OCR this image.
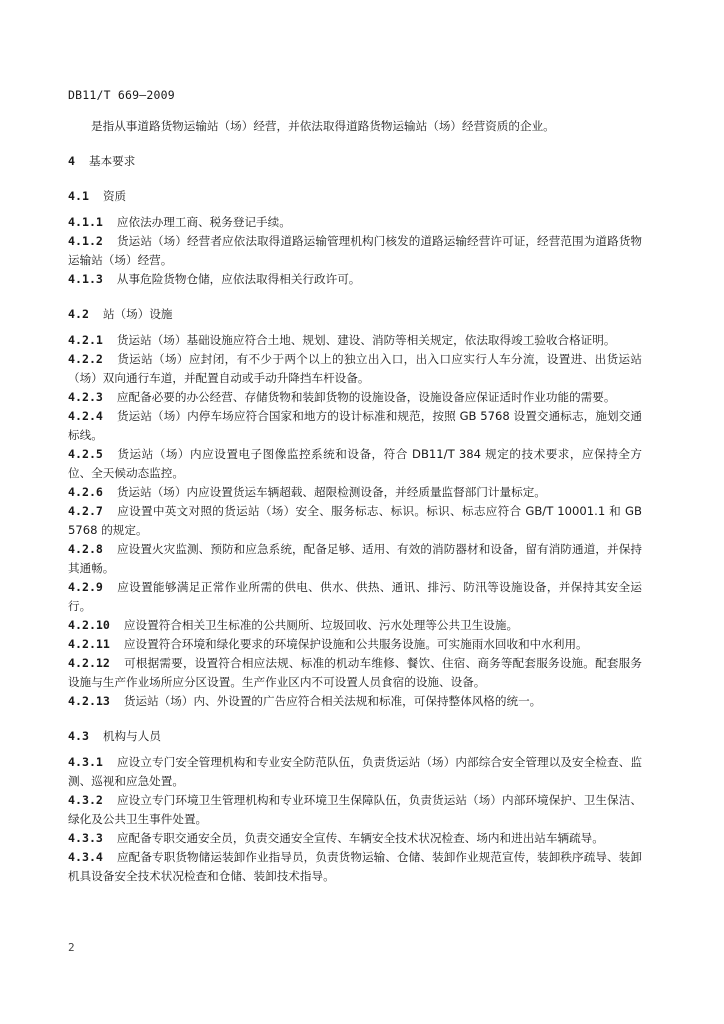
DB11/T 669—2009

是指从事道路货物运输站（场）经营，并依法取得道路货物运输站（场）经营资质的企业。

4 基本要求
4.1 资质

4.1.1 应依法办理工商、税务登记手续。

4.1.2 货运站（场）经营者应依法取得道路运输管理机构门核发的道路运输经营许可证，经营范围为道路货物运输站（场）经营。

4.1.3 从事危险货物仓储，应依法取得相关行政许可。

4.2 站（场）设施

4.2.1 货运站（场）基础设施应符合土地、规划、建设、消防等相关规定，依法取得竣工验收合格证明。

4.2.2 货运站（场）应封闭，有不少于两个以上的独立出入口，出入口应实行人车分流，设置进、出货运站（场）双向通行车道，并配置自动或手动升降挡车杆设备。

4.2.3 应配备必要的办公经营、存储货物和装卸货物的设施设备，设施设备应保证适时作业功能的需要。

4.2.4 货运站（场）内停车场应符合国家和地方的设计标准和规范，按照 GB 5768 设置交通标志，施划交通标线。

4.2.5 货运站（场）内应设置电子图像监控系统和设备，符合 DB11/T 384 规定的技术要求，应保持全方位、全天候动态监控。

4.2.6 货运站（场）内应设置货运车辆超载、超限检测设备，并经质量监督部门计量标定。

4.2.7 应设置中英文对照的货运站（场）安全、服务标志、标识。标识、标志应符合 GB/T 10001.1 和 GB 5768 的规定。

4.2.8 应设置火灾监测、预防和应急系统，配备足够、适用、有效的消防器材和设备，留有消防通道，并保持其通畅。

4.2.9 应设置能够满足正常作业所需的供电、供水、供热、通讯、排污、防汛等设施设备，并保持其安全运行。

4.2.10 应设置符合相关卫生标准的公共厕所、垃圾回收、污水处理等公共卫生设施。

4.2.11 应设置符合环境和绿化要求的环境保护设施和公共服务设施。可实施雨水回收和中水利用。

4.2.12 可根据需要，设置符合相应法规、标准的机动车维修、餐饮、住宿、商务等配套服务设施。配套服务设施与生产作业场所应分区设置。生产作业区内不可设置人员食宿的设施、设备。

4.2.13 货运站（场）内、外设置的广告应符合相关法规和标准，可保持整体风格的统一。

4.3 机构与人员

4.3.1 应设立专门安全管理机构和专业安全防范队伍，负责货运站（场）内部综合安全管理以及安全检查、监测、巡视和应急处置。

4.3.2 应设立专门环境卫生管理机构和专业环境卫生保障队伍，负责货运站（场）内部环境保护、卫生保洁、绿化及公共卫生事件处置。

4.3.3 应配备专职交通安全员，负责交通安全宣传、车辆安全技术状况检查、场内和进出站车辆疏导。

4.3.4 应配备专职货物储运装卸作业指导员，负责货物运输、仓储、装卸作业规范宣传，装卸秩序疏导、装卸机具设备安全技术状况检查和仓储、装卸技术指导。

2
